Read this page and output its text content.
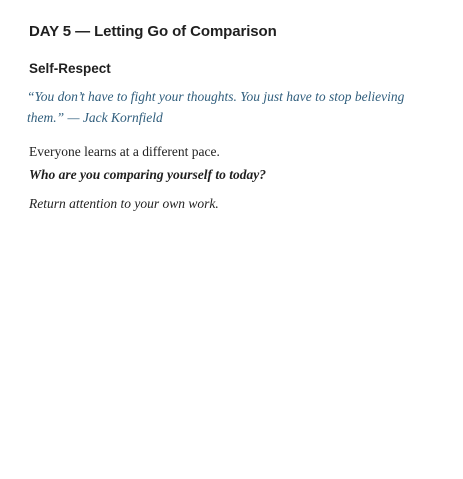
DAY 5 — Letting Go of Comparison
Self-Respect

“You don’t have to fight your thoughts. You just have to stop believing them.” — Jack Kornfield

Everyone learns at a different pace.

Who are you comparing yourself to today?

Return attention to your own work.
